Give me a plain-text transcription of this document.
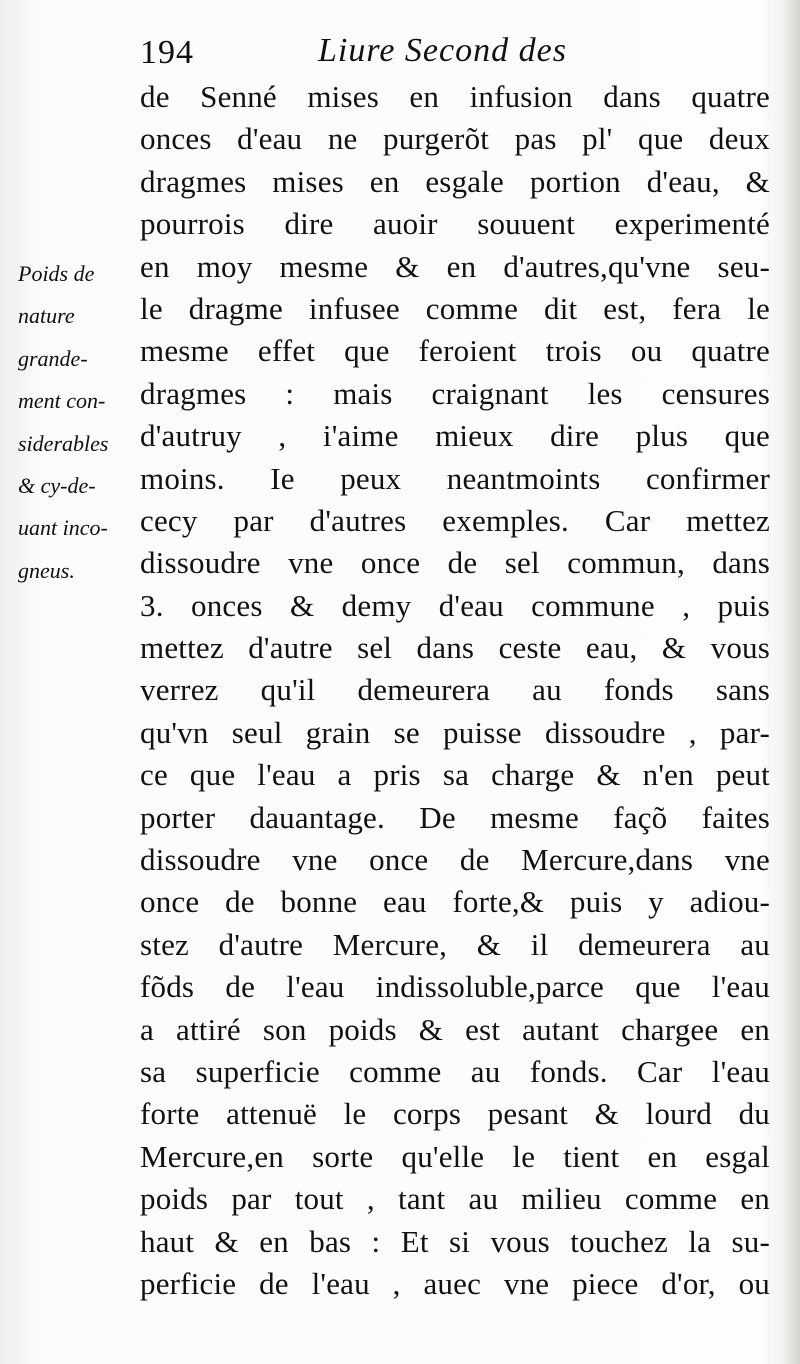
194	Liure Second des
Poids de
nature
grande-
ment con-
siderables
& cy-de-
uant inco-
gneus.
de Senné mises en infusion dans quatre
onces d'eau ne purgerõt pas pl' que deux
dragmes mises en esgale portion d'eau, &
pourrois dire auoir souuent experimenté
en moy mesme & en d'autres,qu'vne seu-
le dragme infusee comme dit est, fera le
mesme effet que feroient trois ou quatre
dragmes : mais craignant les censures
d'autruy , i'aime mieux dire plus que
moins. Ie peux neantmoints confirmer
cecy par d'autres exemples. Car mettez
dissoudre vne once de sel commun, dans
3. onces & demy d'eau commune , puis
mettez d'autre sel dans ceste eau, & vous
verrez qu'il demeurera au fonds sans
qu'vn seul grain se puisse dissoudre , par-
ce que l'eau a pris sa charge & n'en peut
porter dauantage. De mesme façõ faites
dissoudre vne once de Mercure,dans vne
once de bonne eau forte,& puis y adiou-
stez d'autre Mercure, & il demeurera au
fõds de l'eau indissoluble,parce que l'eau
a attiré son poids & est autant chargee en
sa superficie comme au fonds. Car l'eau
forte attenuë le corps pesant & lourd du
Mercure,en sorte qu'elle le tient en esgal
poids par tout , tant au milieu comme en
haut & en bas : Et si vous touchez la su-
perficie de l'eau , auec vne piece d'or, ou
